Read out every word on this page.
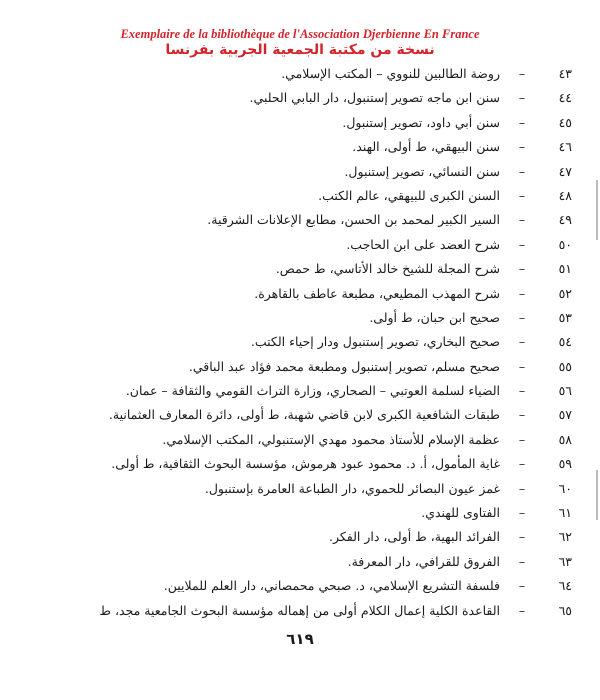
Exemplaire de la bibliothèque de l'Association Djerbienne En France
نسخة من مكتبة الجمعية الجربية بفرنسا
٤٣
–
روضة الطالبين للنووي – المكتب الإسلامي.
٤٤
–
سنن ابن ماجه تصوير إستنبول، دار البابي الحلبي.
٤٥
–
سنن أبي داود، تصوير إستنبول.
٤٦
–
سنن البيهقي، ط أولى، الهند.
٤٧
–
سنن النسائي، تصوير إستنبول.
٤٨
–
السنن الكبرى للبيهقي، عالم الكتب.
٤٩
–
السير الكبير لمحمد بن الحسن، مطابع الإعلانات الشرقية.
٥٠
–
شرح العضد على ابن الحاجب.
٥١
–
شرح المجلة للشيخ خالد الأتاسي، ط حمص.
٥٢
–
شرح المهذب المطيعي، مطبعة عاطف بالقاهرة.
٥٣
–
صحيح ابن حبان، ط أولى.
٥٤
–
صحيح البخاري، تصوير إستنبول ودار إحياء الكتب.
٥٥
–
صحيح مسلم، تصوير إستنبول ومطبعة محمد فؤاد عبد الباقي.
٥٦
–
الضياء لسلمة العوتبي – الصحاري، وزارة التراث القومي والثقافة – عمان.
٥٧
–
طبقات الشافعية الكبرى لابن قاضي شهبة، ط أولى، دائرة المعارف العثمانية.
٥٨
–
عظمة الإسلام للأستاذ محمود مهدي الإستنبولي، المكتب الإسلامي.
٥٩
–
غاية المأمول، أ. د. محمود عبود هرموش، مؤسسة البحوث الثقافية، ط أولى.
٦٠
–
غمز عيون البصائر للحموي، دار الطباعة العامرة بإستنبول.
٦١
–
الفتاوى للهندي.
٦٢
–
الفرائد البهية، ط أولى، دار الفكر.
٦٣
–
الفروق للقرافي، دار المعرفة.
٦٤
–
فلسفة التشريع الإسلامي، د. صبحي محمصاني، دار العلم للملايين.
٦٥
–
القاعدة الكلية إعمال الكلام أولى من إهماله مؤسسة البحوث الجامعية مجد، ط
٦١٩
